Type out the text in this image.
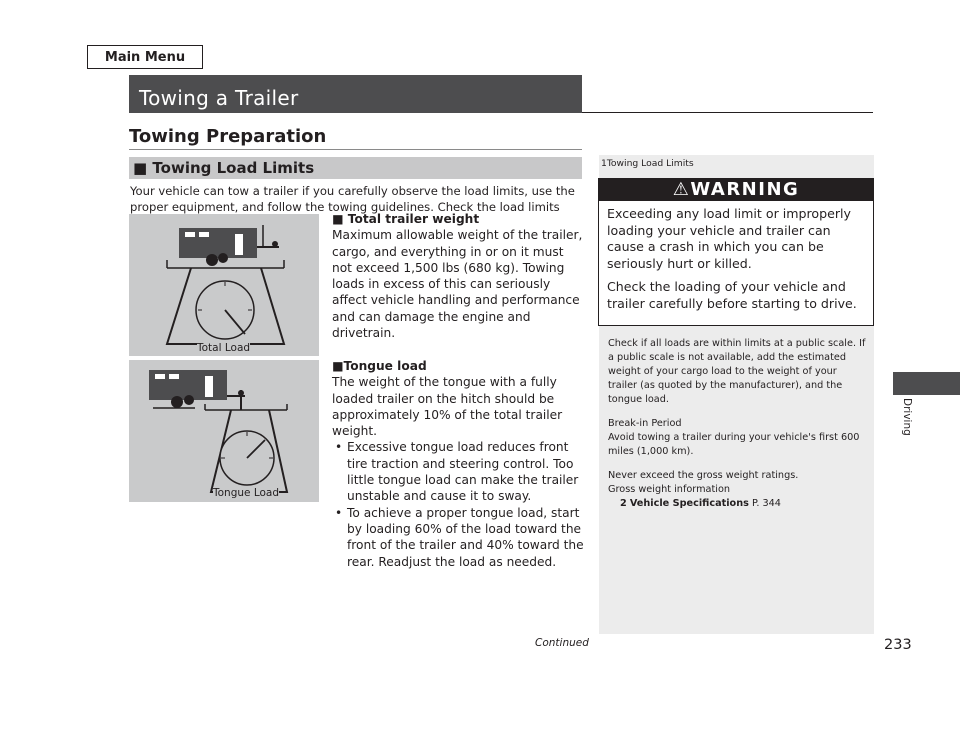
Main Menu
Towing a Trailer
Towing Preparation
■ Towing Load Limits
Your vehicle can tow a trailer if you carefully observe the load limits, use the proper equipment, and follow the towing guidelines. Check the load limits
Total Load
Tongue Load
■ Total trailer weight
Maximum allowable weight of the trailer, cargo, and everything in or on it must not exceed 1,500 lbs (680 kg). Towing loads in excess of this can seriously affect vehicle handling and performance and can damage the engine and drivetrain.
■Tongue load
The weight of the tongue with a fully loaded trailer on the hitch should be approximately 10% of the total trailer weight.
• Excessive tongue load reduces front tire traction and steering control. Too little tongue load can make the trailer unstable and cause it to sway.
• To achieve a proper tongue load, start by loading 60% of the load toward the front of the trailer and 40% toward the rear. Readjust the load as needed.
1Towing Load Limits
⚠WARNING

Exceeding any load limit or improperly loading your vehicle and trailer can cause a crash in which you can be seriously hurt or killed.

Check the loading of your vehicle and trailer carefully before starting to drive.

Check if all loads are within limits at a public scale. If a public scale is not available, add the estimated weight of your cargo load to the weight of your trailer (as quoted by the manufacturer), and the tongue load.

Break-in Period
Avoid towing a trailer during your vehicle's first 600 miles (1,000 km).

Never exceed the gross weight ratings.

Gross weight information
2 Vehicle Specifications P. 344
Driving
Continued	233
